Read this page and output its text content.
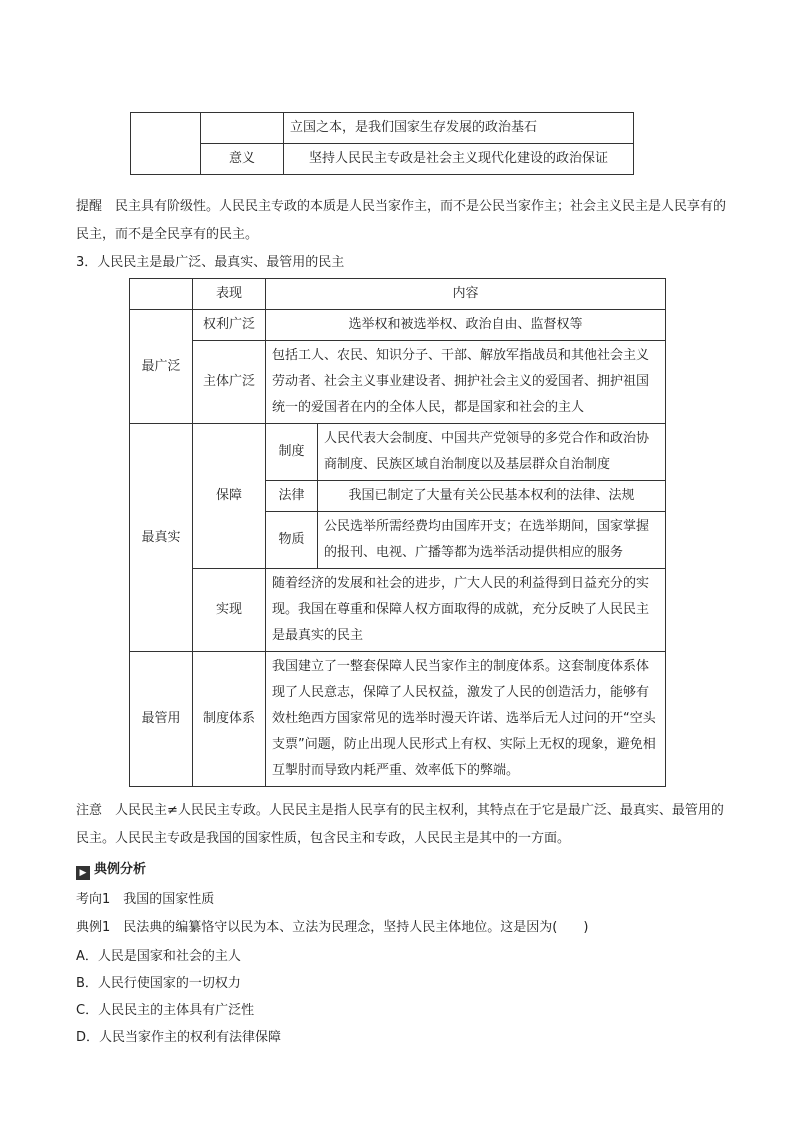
		立国之本，是我们国家生存发展的政治基石
	意义	坚持人民民主专政是社会主义现代化建设的政治保证

提醒　民主具有阶级性。人民民主专政的本质是人民当家作主，而不是公民当家作主；社会主义民主是人民享有的民主，而不是全民享有的民主。

3．人民民主是最广泛、最真实、最管用的民主

	表现	内容	
最广泛	权利广泛	选举权和被选举权、政治自由、监督权等	
	主体广泛	包括工人、农民、知识分子、干部、解放军指战员和其他社会主义劳动者、社会主义事业建设者、拥护社会主义的爱国者、拥护祖国统一的爱国者在内的全体人民，都是国家和社会的主人	
最真实	保障	制度	人民代表大会制度、中国共产党领导的多党合作和政治协商制度、民族区域自治制度以及基层群众自治制度
		法律	我国已制定了大量有关公民基本权利的法律、法规
		物质	公民选举所需经费均由国库开支；在选举期间，国家掌握的报刊、电视、广播等都为选举活动提供相应的服务
	实现	随着经济的发展和社会的进步，广大人民的利益得到日益充分的实现。我国在尊重和保障人权方面取得的成就，充分反映了人民民主是最真实的民主	
最管用	制度体系	我国建立了一整套保障人民当家作主的制度体系。这套制度体系体现了人民意志，保障了人民权益，激发了人民的创造活力，能够有效杜绝西方国家常见的选举时漫天许诺、选举后无人过问的开“空头支票”问题，防止出现人民形式上有权、实际上无权的现象，避免相互掣肘而导致内耗严重、效率低下的弊端。	

注意　人民民主≠人民民主专政。人民民主是指人民享有的民主权利，其特点在于它是最广泛、最真实、最管用的民主。人民民主专政是我国的国家性质，包含民主和专政，人民民主是其中的一方面。

▶ 典例分析

考向1　我国的国家性质

典例1　民法典的编纂恪守以民为本、立法为民理念，坚持人民主体地位。这是因为(　　)

A．人民是国家和社会的主人

B．人民行使国家的一切权力

C．人民民主的主体具有广泛性

D．人民当家作主的权利有法律保障
